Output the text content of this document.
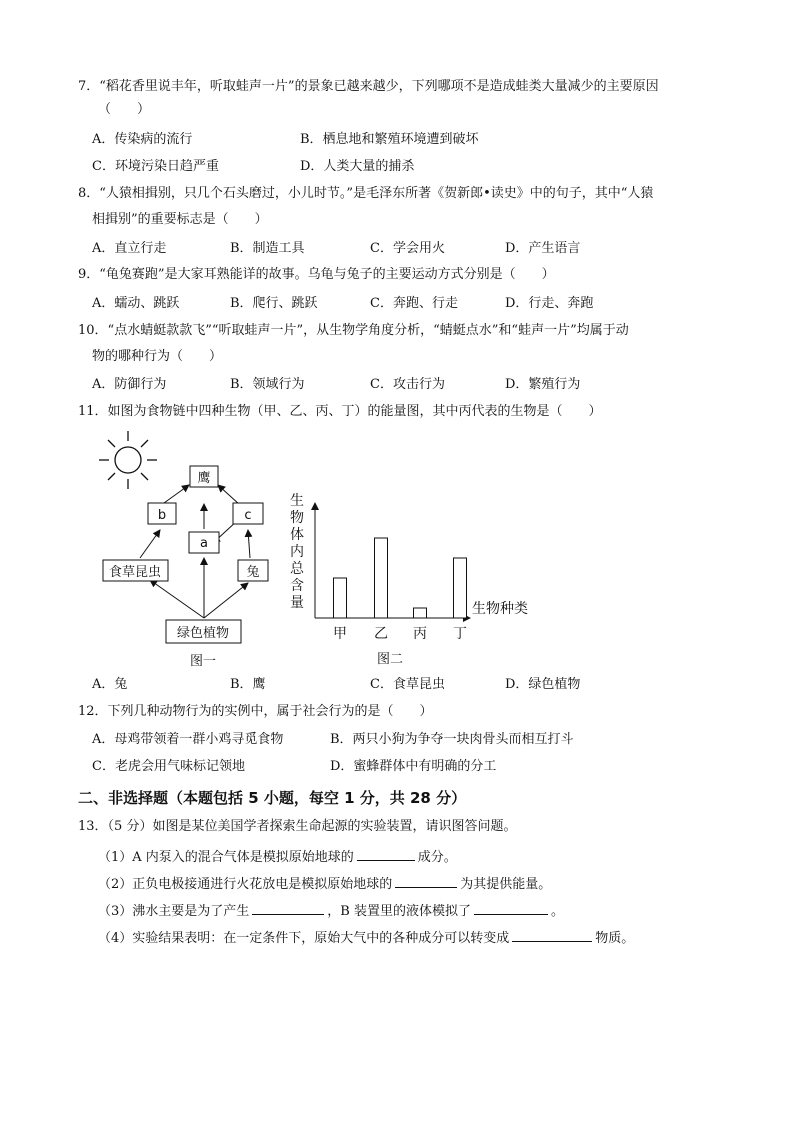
7．“稻花香里说丰年，听取蛙声一片”的景象已越来越少，下列哪项不是造成蛙类大量减少的主要原因
（　　）
A．传染病的流行	B．栖息地和繁殖环境遭到破坏
C．环境污染日趋严重	D．人类大量的捕杀
8．“人猿相揖别，只几个石头磨过，小儿时节。”是毛泽东所著《贺新郎•读史》中的句子，其中“人猿
相揖别”的重要标志是（　　）
A．直立行走	B．制造工具	C．学会用火	D．产生语言
9．“龟兔赛跑”是大家耳熟能详的故事。乌龟与兔子的主要运动方式分别是（　　）
A．蠕动、跳跃	B．爬行、跳跃	C．奔跑、行走	D．行走、奔跑
10．“点水蜻蜓款款飞”“听取蛙声一片”，从生物学角度分析，“蜻蜓点水”和“蛙声一片”均属于动
物的哪种行为（　　）
A．防御行为	B．领域行为	C．攻击行为	D．繁殖行为
11．如图为食物链中四种生物（甲、乙、丙、丁）的能量图，其中丙代表的生物是（　　）
鹰
b
a
c
食草昆虫	兔
绿色植物
图一
生
物
体
内
总
含
量	生物种类
甲 乙 丙 丁
图二
A．兔	B．鹰	C．食草昆虫	D．绿色植物
12．下列几种动物行为的实例中，属于社会行为的是（　　）
A．母鸡带领着一群小鸡寻觅食物	B．两只小狗为争夺一块肉骨头而相互打斗
C．老虎会用气味标记领地	D．蜜蜂群体中有明确的分工
二、非选择题（本题包括 5 小题，每空 1 分，共 28 分）
13．（5 分）如图是某位美国学者探索生命起源的实验装置，请识图答问题。
（1）A 内泵入的混合气体是模拟原始地球的	成分。
（2）正负电极接通进行火花放电是模拟原始地球的	为其提供能量。
（3）沸水主要是为了产生	，B 装置里的液体模拟了	。
（4）实验结果表明：在一定条件下，原始大气中的各种成分可以转变成	物质。
